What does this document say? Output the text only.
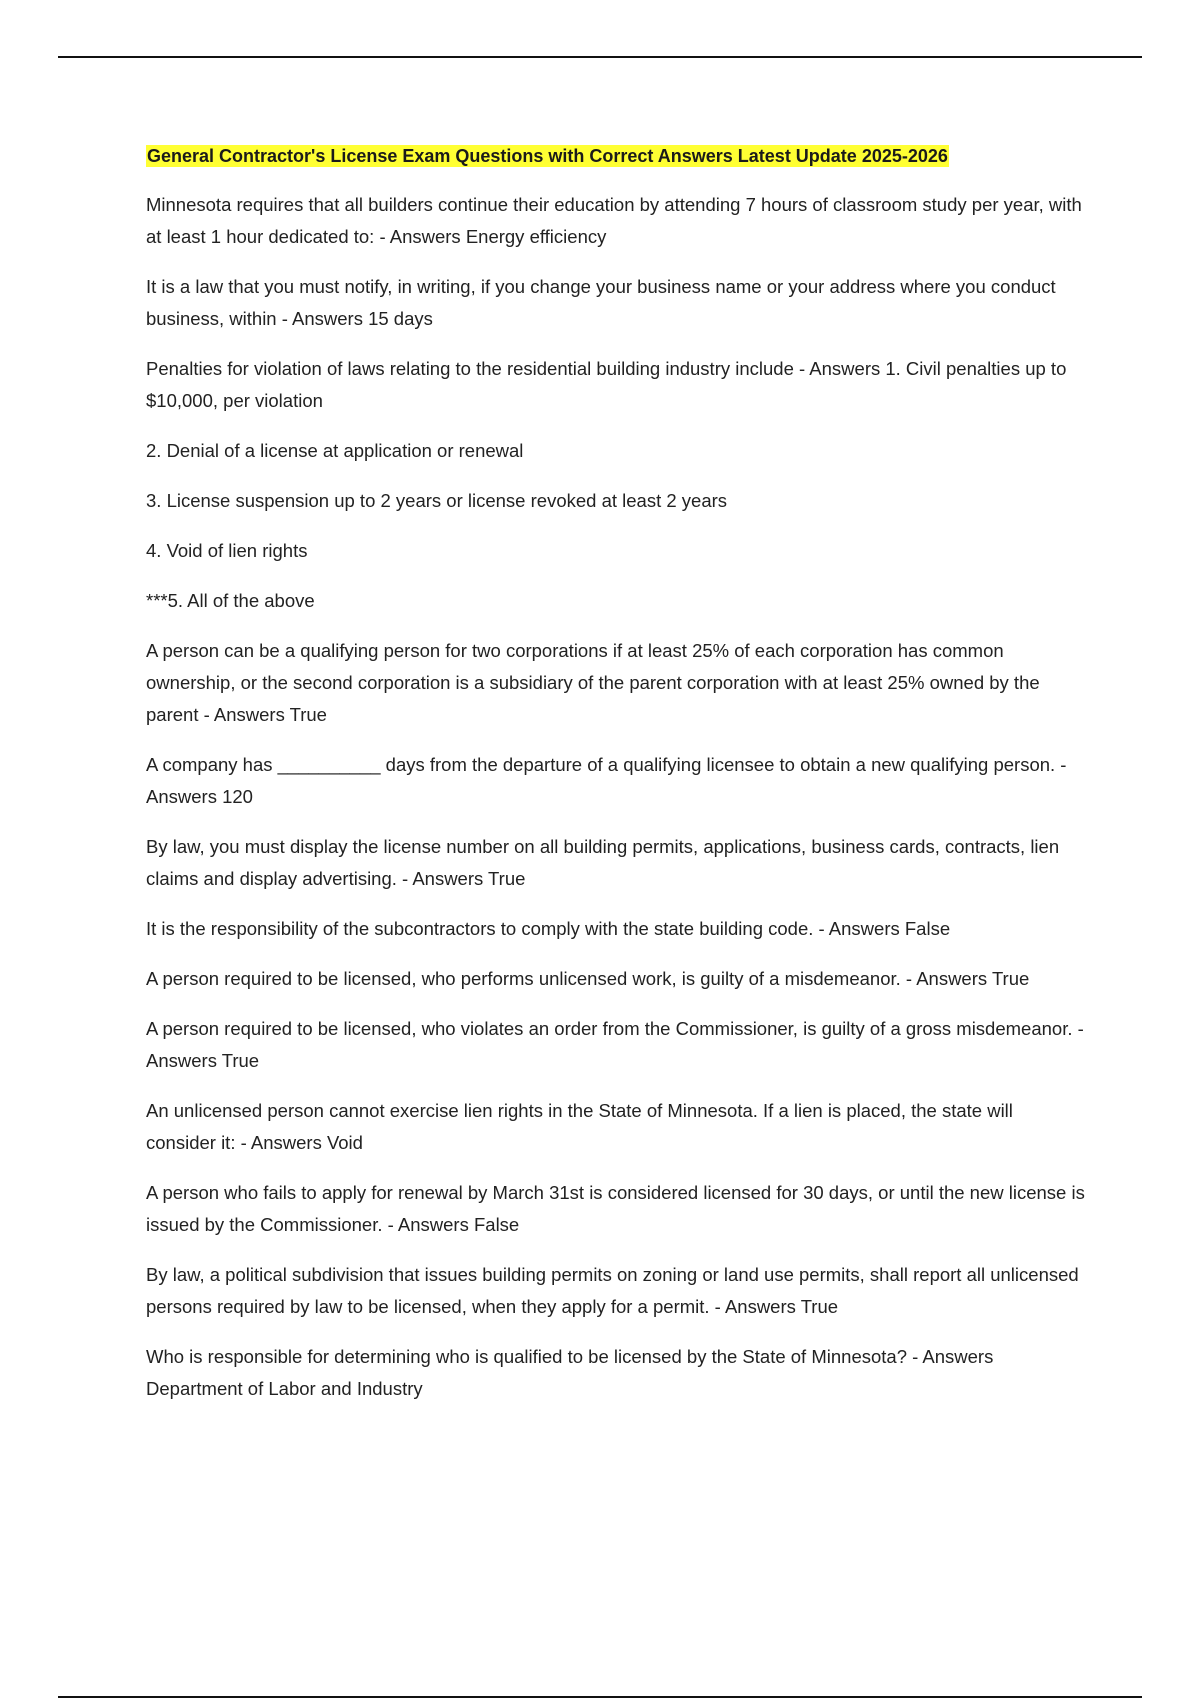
General Contractor's License Exam Questions with Correct Answers Latest Update 2025-2026

Minnesota requires that all builders continue their education by attending 7 hours of classroom study per year, with at least 1 hour dedicated to: - Answers Energy efficiency

It is a law that you must notify, in writing, if you change your business name or your address where you conduct business, within - Answers 15 days

Penalties for violation of laws relating to the residential building industry include - Answers 1. Civil penalties up to $10,000, per violation

2. Denial of a license at application or renewal

3. License suspension up to 2 years or license revoked at least 2 years

4. Void of lien rights

***5. All of the above

A person can be a qualifying person for two corporations if at least 25% of each corporation has common ownership, or the second corporation is a subsidiary of the parent corporation with at least 25% owned by the parent - Answers True

A company has __________ days from the departure of a qualifying licensee to obtain a new qualifying person. - Answers 120

By law, you must display the license number on all building permits, applications, business cards, contracts, lien claims and display advertising. - Answers True

It is the responsibility of the subcontractors to comply with the state building code. - Answers False

A person required to be licensed, who performs unlicensed work, is guilty of a misdemeanor. - Answers True

A person required to be licensed, who violates an order from the Commissioner, is guilty of a gross misdemeanor. - Answers True

An unlicensed person cannot exercise lien rights in the State of Minnesota. If a lien is placed, the state will consider it: - Answers Void

A person who fails to apply for renewal by March 31st is considered licensed for 30 days, or until the new license is issued by the Commissioner. - Answers False

By law, a political subdivision that issues building permits on zoning or land use permits, shall report all unlicensed persons required by law to be licensed, when they apply for a permit. - Answers True

Who is responsible for determining who is qualified to be licensed by the State of Minnesota? - Answers Department of Labor and Industry
